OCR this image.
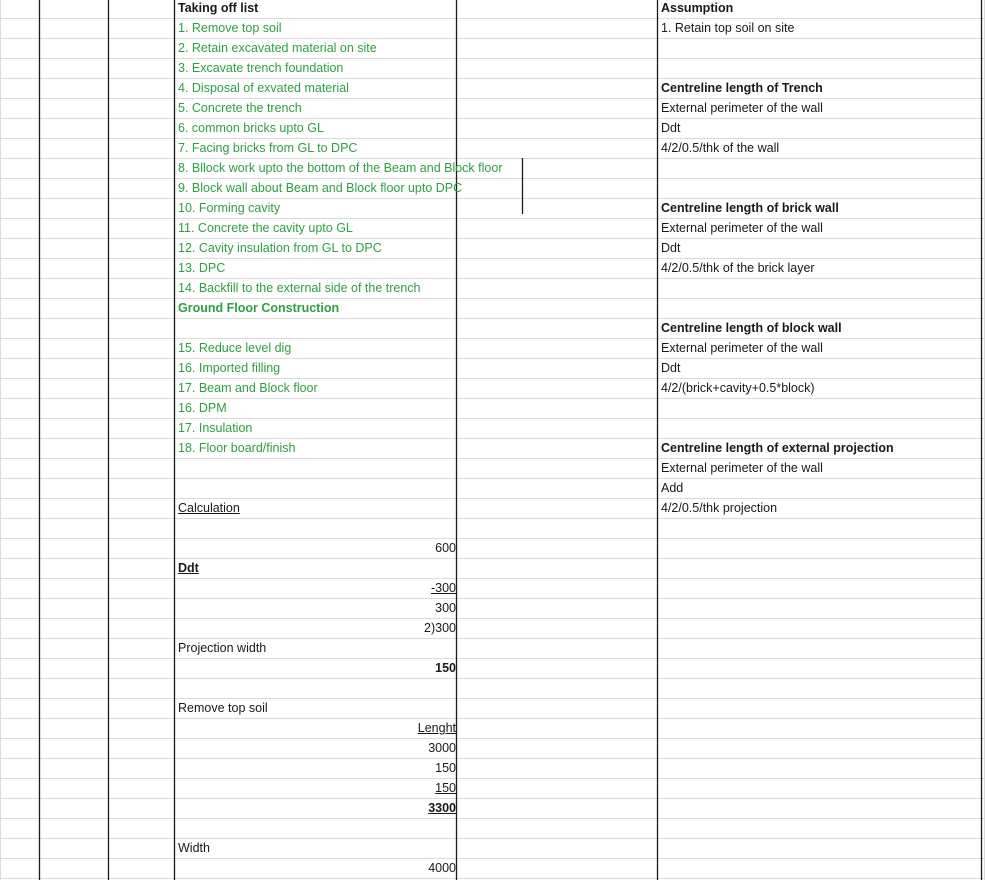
Taking off list
1. Remove top soil
2. Retain excavated material on site
3. Excavate trench foundation
4. Disposal of exvated material
5. Concrete the trench
6. common bricks upto GL
7. Facing bricks from GL to DPC
8. Bllock work upto the bottom of the Beam and Block floor
9. Block wall about Beam and Block floor upto DPC
10. Forming cavity
11. Concrete the cavity upto GL
12. Cavity insulation from GL to DPC
13. DPC
14. Backfill to the external side of the trench
Ground Floor Construction
15. Reduce level dig
16. Imported filling
17. Beam and Block floor
16. DPM
17. Insulation
18. Floor board/finish
Calculation
Ddt
Projection width
Remove top soil
Width
600
-300
300
2)300
150
Lenght
3000
150
150
3300
4000
Assumption
1. Retain top soil on site
Centreline length of Trench
External perimeter of the wall
Ddt
4/2/0.5/thk of the wall
Centreline length of brick wall
External perimeter of the wall
Ddt
4/2/0.5/thk of the brick layer
Centreline length of block wall
External perimeter of the wall
Ddt
4/2/(brick+cavity+0.5*block)
Centreline length of external projection
External perimeter of the wall
Add
4/2/0.5/thk projection
